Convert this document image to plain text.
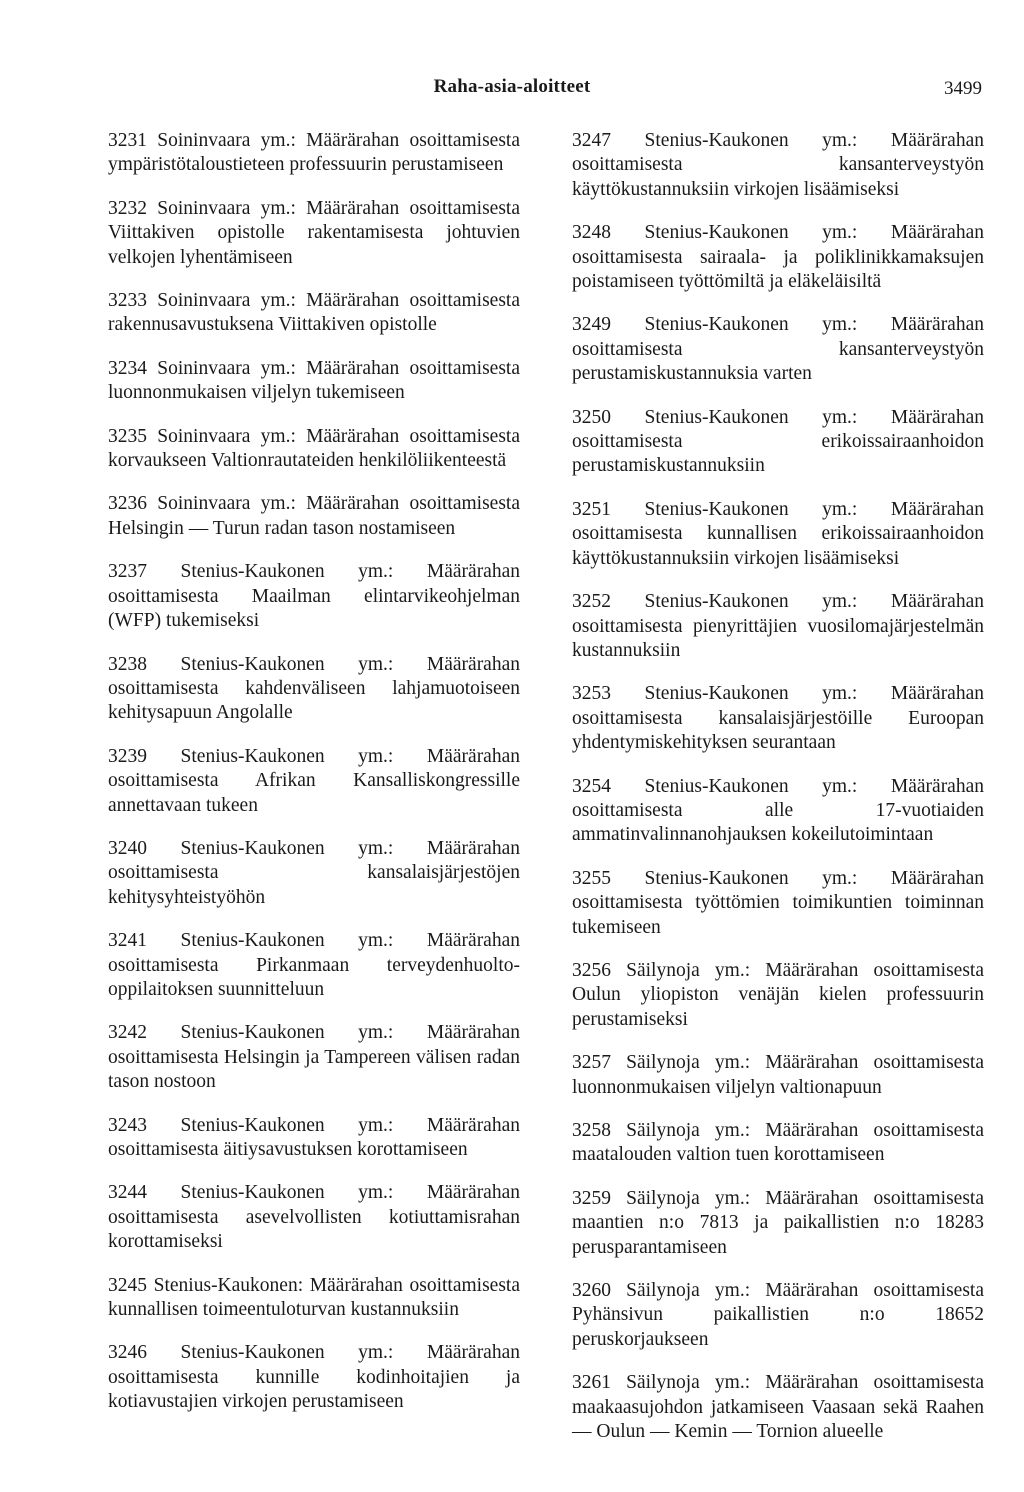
Raha-asia-aloitteet	3499

3231 Soininvaara ym.: Määrärahan osoittamisesta ympäristötaloustieteen professuurin perustamiseen

3232 Soininvaara ym.: Määrärahan osoittamisesta Viittakiven opistolle rakentamisesta johtuvien velkojen lyhentämiseen

3233 Soininvaara ym.: Määrärahan osoittamisesta rakennusavustuksena Viittakiven opistolle

3234 Soininvaara ym.: Määrärahan osoittamisesta luonnonmukaisen viljelyn tukemiseen

3235 Soininvaara ym.: Määrärahan osoittamisesta korvaukseen Valtionrautateiden henkilöliikenteestä

3236 Soininvaara ym.: Määrärahan osoittamisesta Helsingin — Turun radan tason nostamiseen

3237 Stenius-Kaukonen ym.: Määrärahan osoittamisesta Maailman elintarvikeohjelman (WFP) tukemiseksi

3238 Stenius-Kaukonen ym.: Määrärahan osoittamisesta kahdenväliseen lahjamuotoiseen kehitysapuun Angolalle

3239 Stenius-Kaukonen ym.: Määrärahan osoittamisesta Afrikan Kansalliskongressille annettavaan tukeen

3240 Stenius-Kaukonen ym.: Määrärahan osoittamisesta kansalaisjärjestöjen kehitysyhteistyöhön

3241 Stenius-Kaukonen ym.: Määrärahan osoittamisesta Pirkanmaan terveydenhuolto-oppilaitoksen suunnitteluun

3242 Stenius-Kaukonen ym.: Määrärahan osoittamisesta Helsingin ja Tampereen välisen radan tason nostoon

3243 Stenius-Kaukonen ym.: Määrärahan osoittamisesta äitiysavustuksen korottamiseen

3244 Stenius-Kaukonen ym.: Määrärahan osoittamisesta asevelvollisten kotiuttamisrahan korottamiseksi

3245 Stenius-Kaukonen: Määrärahan osoittamisesta kunnallisen toimeentuloturvan kustannuksiin

3246 Stenius-Kaukonen ym.: Määrärahan osoittamisesta kunnille kodinhoitajien ja kotiavustajien virkojen perustamiseen

3247 Stenius-Kaukonen ym.: Määrärahan osoittamisesta kansanterveystyön käyttökustannuksiin virkojen lisäämiseksi

3248 Stenius-Kaukonen ym.: Määrärahan osoittamisesta sairaala- ja poliklinikkamaksujen poistamiseen työttömiltä ja eläkeläisiltä

3249 Stenius-Kaukonen ym.: Määrärahan osoittamisesta kansanterveystyön perustamiskustannuksia varten

3250 Stenius-Kaukonen ym.: Määrärahan osoittamisesta erikoissairaanhoidon perustamiskustannuksiin

3251 Stenius-Kaukonen ym.: Määrärahan osoittamisesta kunnallisen erikoissairaanhoidon käyttökustannuksiin virkojen lisäämiseksi

3252 Stenius-Kaukonen ym.: Määrärahan osoittamisesta pienyrittäjien vuosilomajärjestelmän kustannuksiin

3253 Stenius-Kaukonen ym.: Määrärahan osoittamisesta kansalaisjärjestöille Euroopan yhdentymiskehityksen seurantaan

3254 Stenius-Kaukonen ym.: Määrärahan osoittamisesta alle 17-vuotiaiden ammatinvalinnanohjauksen kokeilutoimintaan

3255 Stenius-Kaukonen ym.: Määrärahan osoittamisesta työttömien toimikuntien toiminnan tukemiseen

3256 Säilynoja ym.: Määrärahan osoittamisesta Oulun yliopiston venäjän kielen professuurin perustamiseksi

3257 Säilynoja ym.: Määrärahan osoittamisesta luonnonmukaisen viljelyn valtionapuun

3258 Säilynoja ym.: Määrärahan osoittamisesta maatalouden valtion tuen korottamiseen

3259 Säilynoja ym.: Määrärahan osoittamisesta maantien n:o 7813 ja paikallistien n:o 18283 perusparantamiseen

3260 Säilynoja ym.: Määrärahan osoittamisesta Pyhänsivun paikallistien n:o 18652 peruskorjaukseen

3261 Säilynoja ym.: Määrärahan osoittamisesta maakaasujohdon jatkamiseen Vaasaan sekä Raahen — Oulun — Kemin — Tornion alueelle
